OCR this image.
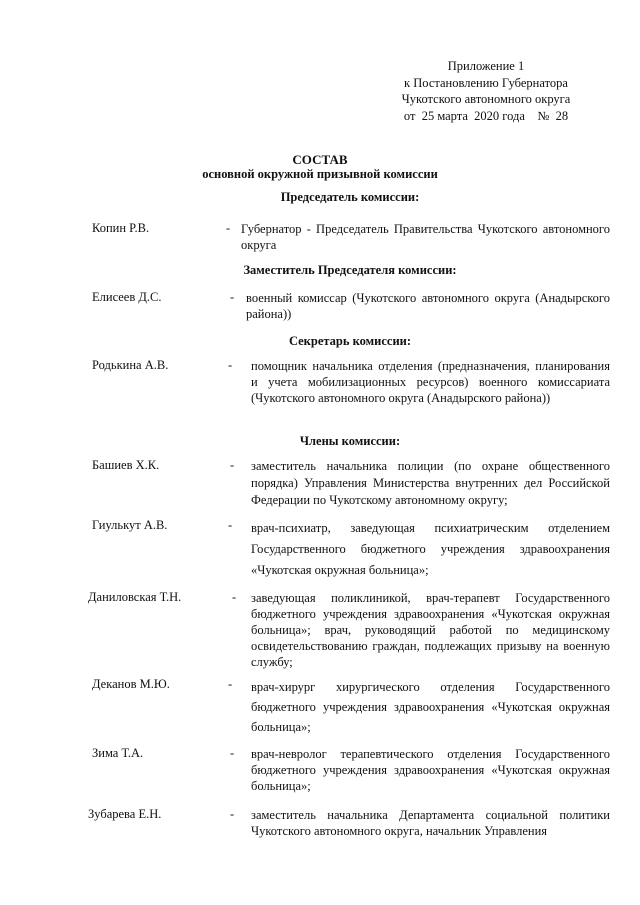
Приложение 1
к Постановлению Губернатора
Чукотского автономного округа
от  25 марта  2020 года    №  28
СОСТАВ
основной окружной призывной комиссии
Председатель комиссии:
Копин Р.В.	- Губернатор - Председатель Правительства Чукотского автономного округа
Заместитель Председателя комиссии:
Елисеев Д.С.	- военный комиссар (Чукотского автономного округа (Анадырского района))
Секретарь комиссии:
Родькина А.В.	- помощник начальника отделения (предназначения, планирования и учета мобилизационных ресурсов) военного комиссариата (Чукотского автономного округа (Анадырского района))
Члены комиссии:
Башиев Х.К.	- заместитель начальника полиции (по охране общественного порядка) Управления Министерства внутренних дел Российской Федерации по Чукотскому автономному округу;
Гиулькут А.В.	- врач-психиатр, заведующая психиатрическим отделением Государственного бюджетного учреждения здравоохранения «Чукотская окружная больница»;
Даниловская Т.Н.	- заведующая поликлиникой, врач-терапевт Государственного бюджетного учреждения здравоохранения «Чукотская окружная больница»; врач, руководящий работой по медицинскому освидетельствованию граждан, подлежащих призыву на военную службу;
Деканов М.Ю.	- врач-хирург хирургического отделения Государственного бюджетного учреждения здравоохранения «Чукотская окружная больница»;
Зима Т.А.	- врач-невролог терапевтического отделения Государственного бюджетного учреждения здравоохранения «Чукотская окружная больница»;
Зубарева Е.Н.	- заместитель начальника Департамента социальной политики Чукотского автономного округа, начальник Управления
